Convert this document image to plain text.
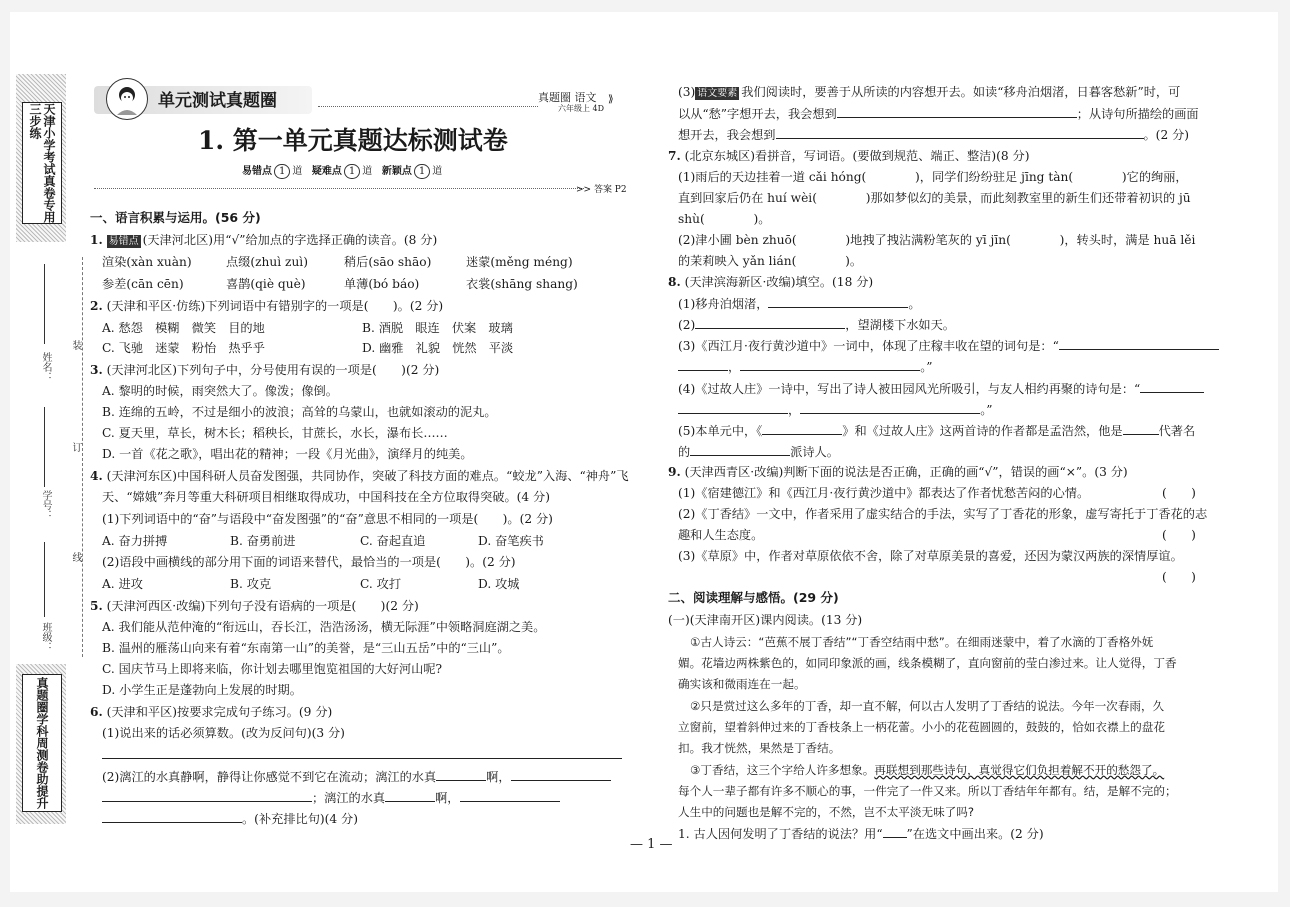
天津小学考试真卷专用三步练
姓名：
学号：
班级：
装
订
线
真题圈学科周测卷助提升
单元测试真题圈	真题圈 语文
六年级上 4D
⟫
1. 第一单元真题达标测试卷
易错点 1 道 疑难点 1 道 新颖点 1 道
>> 答案 P2
一、语言积累与运用。(56 分)
1. 易错点 (天津河北区)用“√”给加点的字选择正确的读音。(8 分)
渲染(xàn xuàn)	点缀(zhuì zuì)	稍后(sāo shāo)	迷蒙(měng méng)
参差(cān cēn)	喜鹊(qiè què)	单薄(bó báo)	衣裳(shāng shang)
2. (天津和平区·仿练)下列词语中有错别字的一项是(　　)。(2 分)
A. 愁怨　模糊　微笑　目的地	B. 酒脱　眼连　伏案　玻璃
C. 飞驰　迷蒙　粉怡　热乎乎	D. 幽雅　礼貌　恍然　平淡
3. (天津河北区)下列句子中，分号使用有误的一项是(　　)(2 分)
A. 黎明的时候，雨突然大了。像泼；像倒。
B. 连绵的五岭，不过是细小的波浪；高耸的乌蒙山，也就如滚动的泥丸。
C. 夏天里，草长，树木长；稻秧长，甘蔗长，水长，瀑布长……
D. 一首《花之歌》，唱出花的精神；一段《月光曲》，演绎月的纯美。
4. (天津河东区)中国科研人员奋发图强，共同协作，突破了科技方面的难点。“蛟龙”入海、“神舟”飞
天、“嫦娥”奔月等重大科研项目相继取得成功，中国科技在全方位取得突破。(4 分)
(1)下列词语中的“奋”与语段中“奋发图强”的“奋”意思不相同的一项是(　　)。(2 分)
A. 奋力拼搏	B. 奋勇前进	C. 奋起直追	D. 奋笔疾书
(2)语段中画横线的部分用下面的词语来替代，最恰当的一项是(　　)。(2 分)
A. 进攻	B. 攻克	C. 攻打	D. 攻城
5. (天津河西区·改编)下列句子没有语病的一项是(　　)(2 分)
A. 我们能从范仲淹的“衔远山，吞长江，浩浩汤汤，横无际涯”中领略洞庭湖之美。
B. 温州的雁荡山向来有着“东南第一山”的美誉，是“三山五岳”中的“三山”。
C. 国庆节马上即将来临，你计划去哪里饱览祖国的大好河山呢?
D. 小学生正是蓬勃向上发展的时期。
6. (天津和平区)按要求完成句子练习。(9 分)
(1)说出来的话必须算数。(改为反问句)(3 分)
(2)漓江的水真静啊，静得让你感觉不到它在流动；漓江的水真	啊，
；漓江的水真	啊，
。(补充排比句)(4 分)
(3) 语文要素 我们阅读时，要善于从所读的内容想开去。如读“移舟泊烟渚，日暮客愁新”时，可
以从“愁”字想开去，我会想到	；从诗句所描绘的画面
想开去，我会想到	。(2 分)
7. (北京东城区)看拼音，写词语。(要做到规范、端正、整洁)(8 分)
(1)雨后的天边挂着一道 cǎi hóng(　　　　)，同学们纷纷驻足 jīng tàn(　　　　)它的绚丽，
直到回家后仍在 huí wèi(　　　　)那如梦似幻的美景，而此刻教室里的新生们还带着初识的 jū
shù(　　　　)。
(2)津小圃 bèn zhuō(　　　　)地拽了拽沾满粉笔灰的 yī jīn(　　　　)，转头时，满是 huā lěi
的茉莉映入 yǎn lián(　　　　)。
8. (天津滨海新区·改编)填空。(18 分)
(1)移舟泊烟渚，	。
(2)	，望湖楼下水如天。
(3)《西江月·夜行黄沙道中》一词中，体现了庄稼丰收在望的词句是：“
，	。”
(4)《过故人庄》一诗中，写出了诗人被田园风光所吸引，与友人相约再聚的诗句是：“
，	。”
(5)本单元中，《	》和《过故人庄》这两首诗的作者都是孟浩然，他是	代著名
的	派诗人。
9. (天津西青区·改编)判断下面的说法是否正确，正确的画“√”，错误的画“×”。(3 分)
(1)《宿建德江》和《西江月·夜行黄沙道中》都表达了作者忧愁苦闷的心情。	(　　)
(2)《丁香结》一文中，作者采用了虚实结合的手法，实写了丁香花的形象，虚写寄托于丁香花的志
趣和人生态度。	(　　)
(3)《草原》中，作者对草原依依不舍，除了对草原美景的喜爱，还因为蒙汉两族的深情厚谊。
(　　)
二、阅读理解与感悟。(29 分)
(一)(天津南开区)课内阅读。(13 分)
①古人诗云：“芭蕉不展丁香结”“丁香空结雨中愁”。在细雨迷蒙中，着了水滴的丁香格外妩
媚。花墙边两株紫色的，如同印象派的画，线条模糊了，直向窗前的莹白渗过来。让人觉得，丁香
确实该和微雨连在一起。
②只是赏过这么多年的丁香，却一直不解，何以古人发明了丁香结的说法。今年一次春雨，久
立窗前，望着斜伸过来的丁香枝条上一柄花蕾。小小的花苞圆圆的，鼓鼓的，恰如衣襟上的盘花
扣。我才恍然，果然是丁香结。
③丁香结，这三个字给人许多想象。再联想到那些诗句，真觉得它们负担着解不开的愁怨了。
每个人一辈子都有许多不顺心的事，一件完了一件又来。所以丁香结年年都有。结，是解不完的；
人生中的问题也是解不完的，不然，岂不太平淡无味了吗?
1. 古人因何发明了丁香结的说法？用“ ”在选文中画出来。(2 分)
— 1 —
